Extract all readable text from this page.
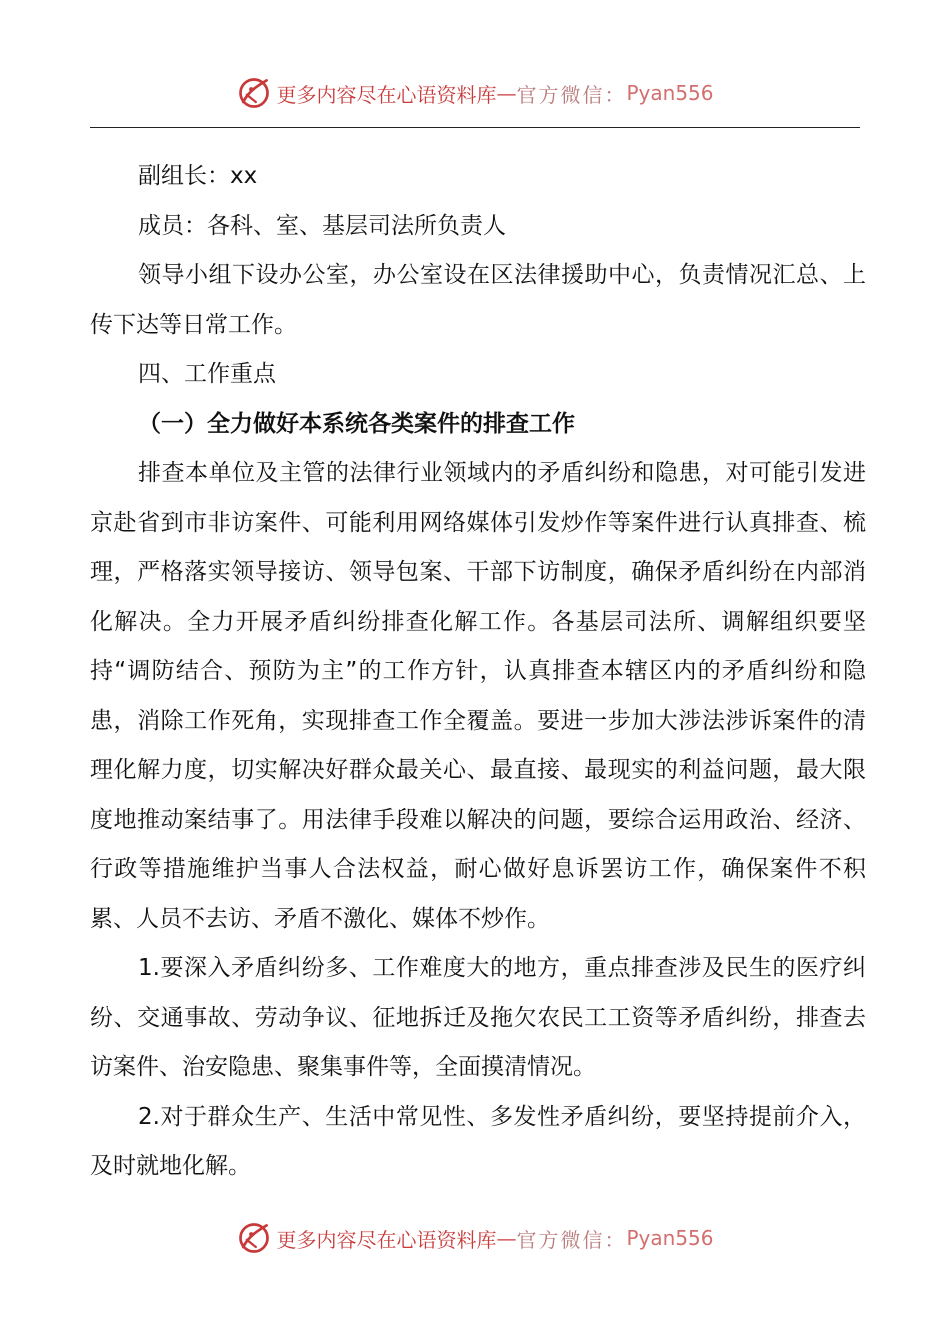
更多内容尽在心语资料库 — 官方微信： Pyan556

副组长：xx

成员：各科、室、基层司法所负责人

领导小组下设办公室，办公室设在区法律援助中心，负责情况汇总、上传下达等日常工作。

四、工作重点

（一）全力做好本系统各类案件的排查工作

排查本单位及主管的法律行业领域内的矛盾纠纷和隐患，对可能引发进京赴省到市非访案件、可能利用网络媒体引发炒作等案件进行认真排查、梳理，严格落实领导接访、领导包案、干部下访制度，确保矛盾纠纷在内部消化解决。全力开展矛盾纠纷排查化解工作。各基层司法所、调解组织要坚持“调防结合、预防为主”的工作方针，认真排查本辖区内的矛盾纠纷和隐患，消除工作死角，实现排查工作全覆盖。要进一步加大涉法涉诉案件的清理化解力度，切实解决好群众最关心、最直接、最现实的利益问题，最大限度地推动案结事了。用法律手段难以解决的问题，要综合运用政治、经济、行政等措施维护当事人合法权益，耐心做好息诉罢访工作，确保案件不积累、人员不去访、矛盾不激化、媒体不炒作。

1.要深入矛盾纠纷多、工作难度大的地方，重点排查涉及民生的医疗纠纷、交通事故、劳动争议、征地拆迁及拖欠农民工工资等矛盾纠纷，排查去访案件、治安隐患、聚集事件等，全面摸清情况。

2.对于群众生产、生活中常见性、多发性矛盾纠纷，要坚持提前介入，及时就地化解。

更多内容尽在心语资料库 — 官方微信： Pyan556
